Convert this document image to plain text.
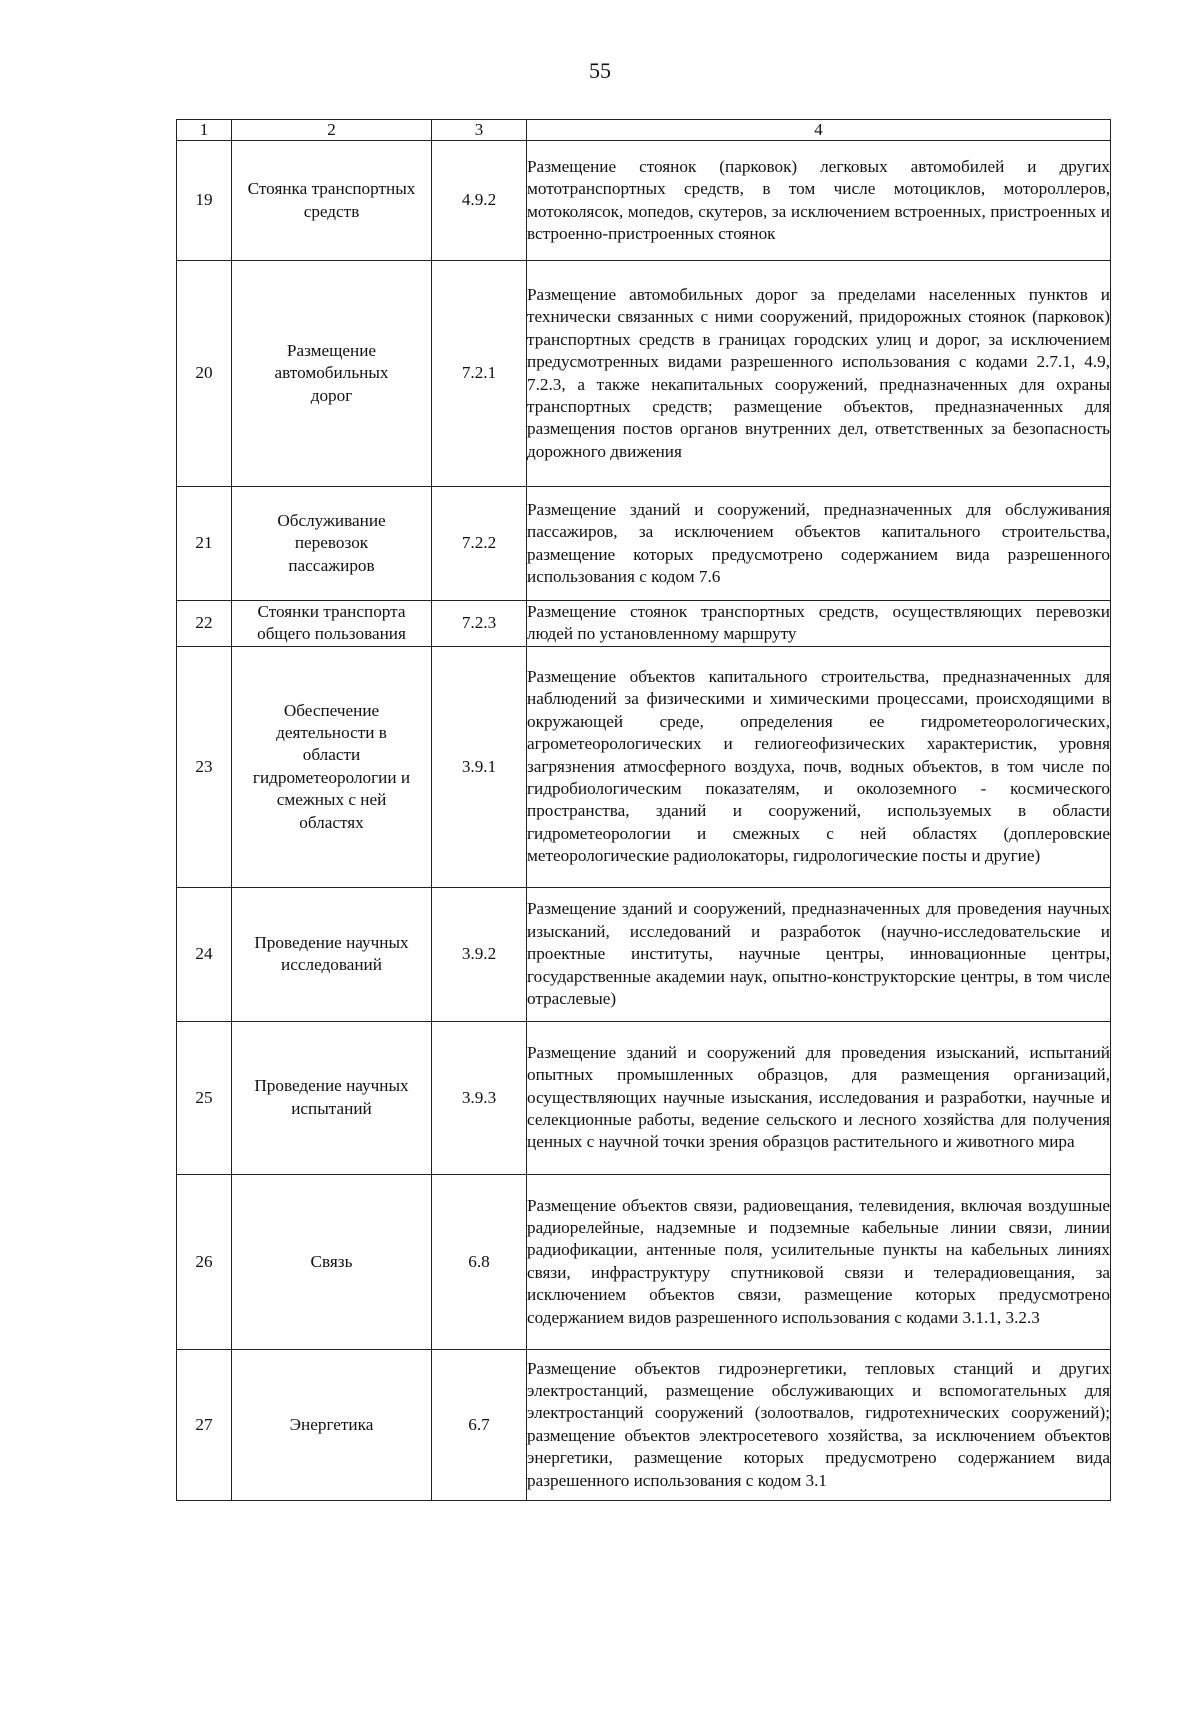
55
1	2	3	4
19	Стоянка транспортных средств	4.9.2	Размещение стоянок (парковок) легковых автомобилей и других мототранспортных средств, в том числе мотоциклов, мотороллеров, мотоколясок, мопедов, скутеров, за исключением встроенных, пристроенных и встроенно-пристроенных стоянок
20	Размещение автомобильных дорог	7.2.1	Размещение автомобильных дорог за пределами населенных пунктов и технически связанных с ними сооружений, придорожных стоянок (парковок) транспортных средств в границах городских улиц и дорог, за исключением предусмотренных видами разрешенного использования с кодами 2.7.1, 4.9, 7.2.3, а также некапитальных сооружений, предназначенных для охраны транспортных средств; размещение объектов, предназначенных для размещения постов органов внутренних дел, ответственных за безопасность дорожного движения
21	Обслуживание перевозок пассажиров	7.2.2	Размещение зданий и сооружений, предназначенных для обслуживания пассажиров, за исключением объектов капитального строительства, размещение которых предусмотрено содержанием вида разрешенного использования с кодом 7.6
22	Стоянки транспорта общего пользования	7.2.3	Размещение стоянок транспортных средств, осуществляющих перевозки людей по установленному маршруту
23	Обеспечение деятельности в области гидрометеорологии и смежных с ней областях	3.9.1	Размещение объектов капитального строительства, предназначенных для наблюдений за физическими и химическими процессами, происходящими в окружающей среде, определения ее гидрометеорологических, агрометеорологических и гелиогеофизических характеристик, уровня загрязнения атмосферного воздуха, почв, водных объектов, в том числе по гидробиологическим показателям, и околоземного - космического пространства, зданий и сооружений, используемых в области гидрометеорологии и смежных с ней областях (доплеровские метеорологические радиолокаторы, гидрологические посты и другие)
24	Проведение научных исследований	3.9.2	Размещение зданий и сооружений, предназначенных для проведения научных изысканий, исследований и разработок (научно-исследовательские и проектные институты, научные центры, инновационные центры, государственные академии наук, опытно-конструкторские центры, в том числе отраслевые)
25	Проведение научных испытаний	3.9.3	Размещение зданий и сооружений для проведения изысканий, испытаний опытных промышленных образцов, для размещения организаций, осуществляющих научные изыскания, исследования и разработки, научные и селекционные работы, ведение сельского и лесного хозяйства для получения ценных с научной точки зрения образцов растительного и животного мира
26	Связь	6.8	Размещение объектов связи, радиовещания, телевидения, включая воздушные радиорелейные, надземные и подземные кабельные линии связи, линии радиофикации, антенные поля, усилительные пункты на кабельных линиях связи, инфраструктуру спутниковой связи и телерадиовещания, за исключением объектов связи, размещение которых предусмотрено содержанием видов разрешенного использования с кодами 3.1.1, 3.2.3
27	Энергетика	6.7	Размещение объектов гидроэнергетики, тепловых станций и других электростанций, размещение обслуживающих и вспомогательных для электростанций сооружений (золоотвалов, гидротехнических сооружений); размещение объектов электросетевого хозяйства, за исключением объектов энергетики, размещение которых предусмотрено содержанием вида разрешенного использования с кодом 3.1
